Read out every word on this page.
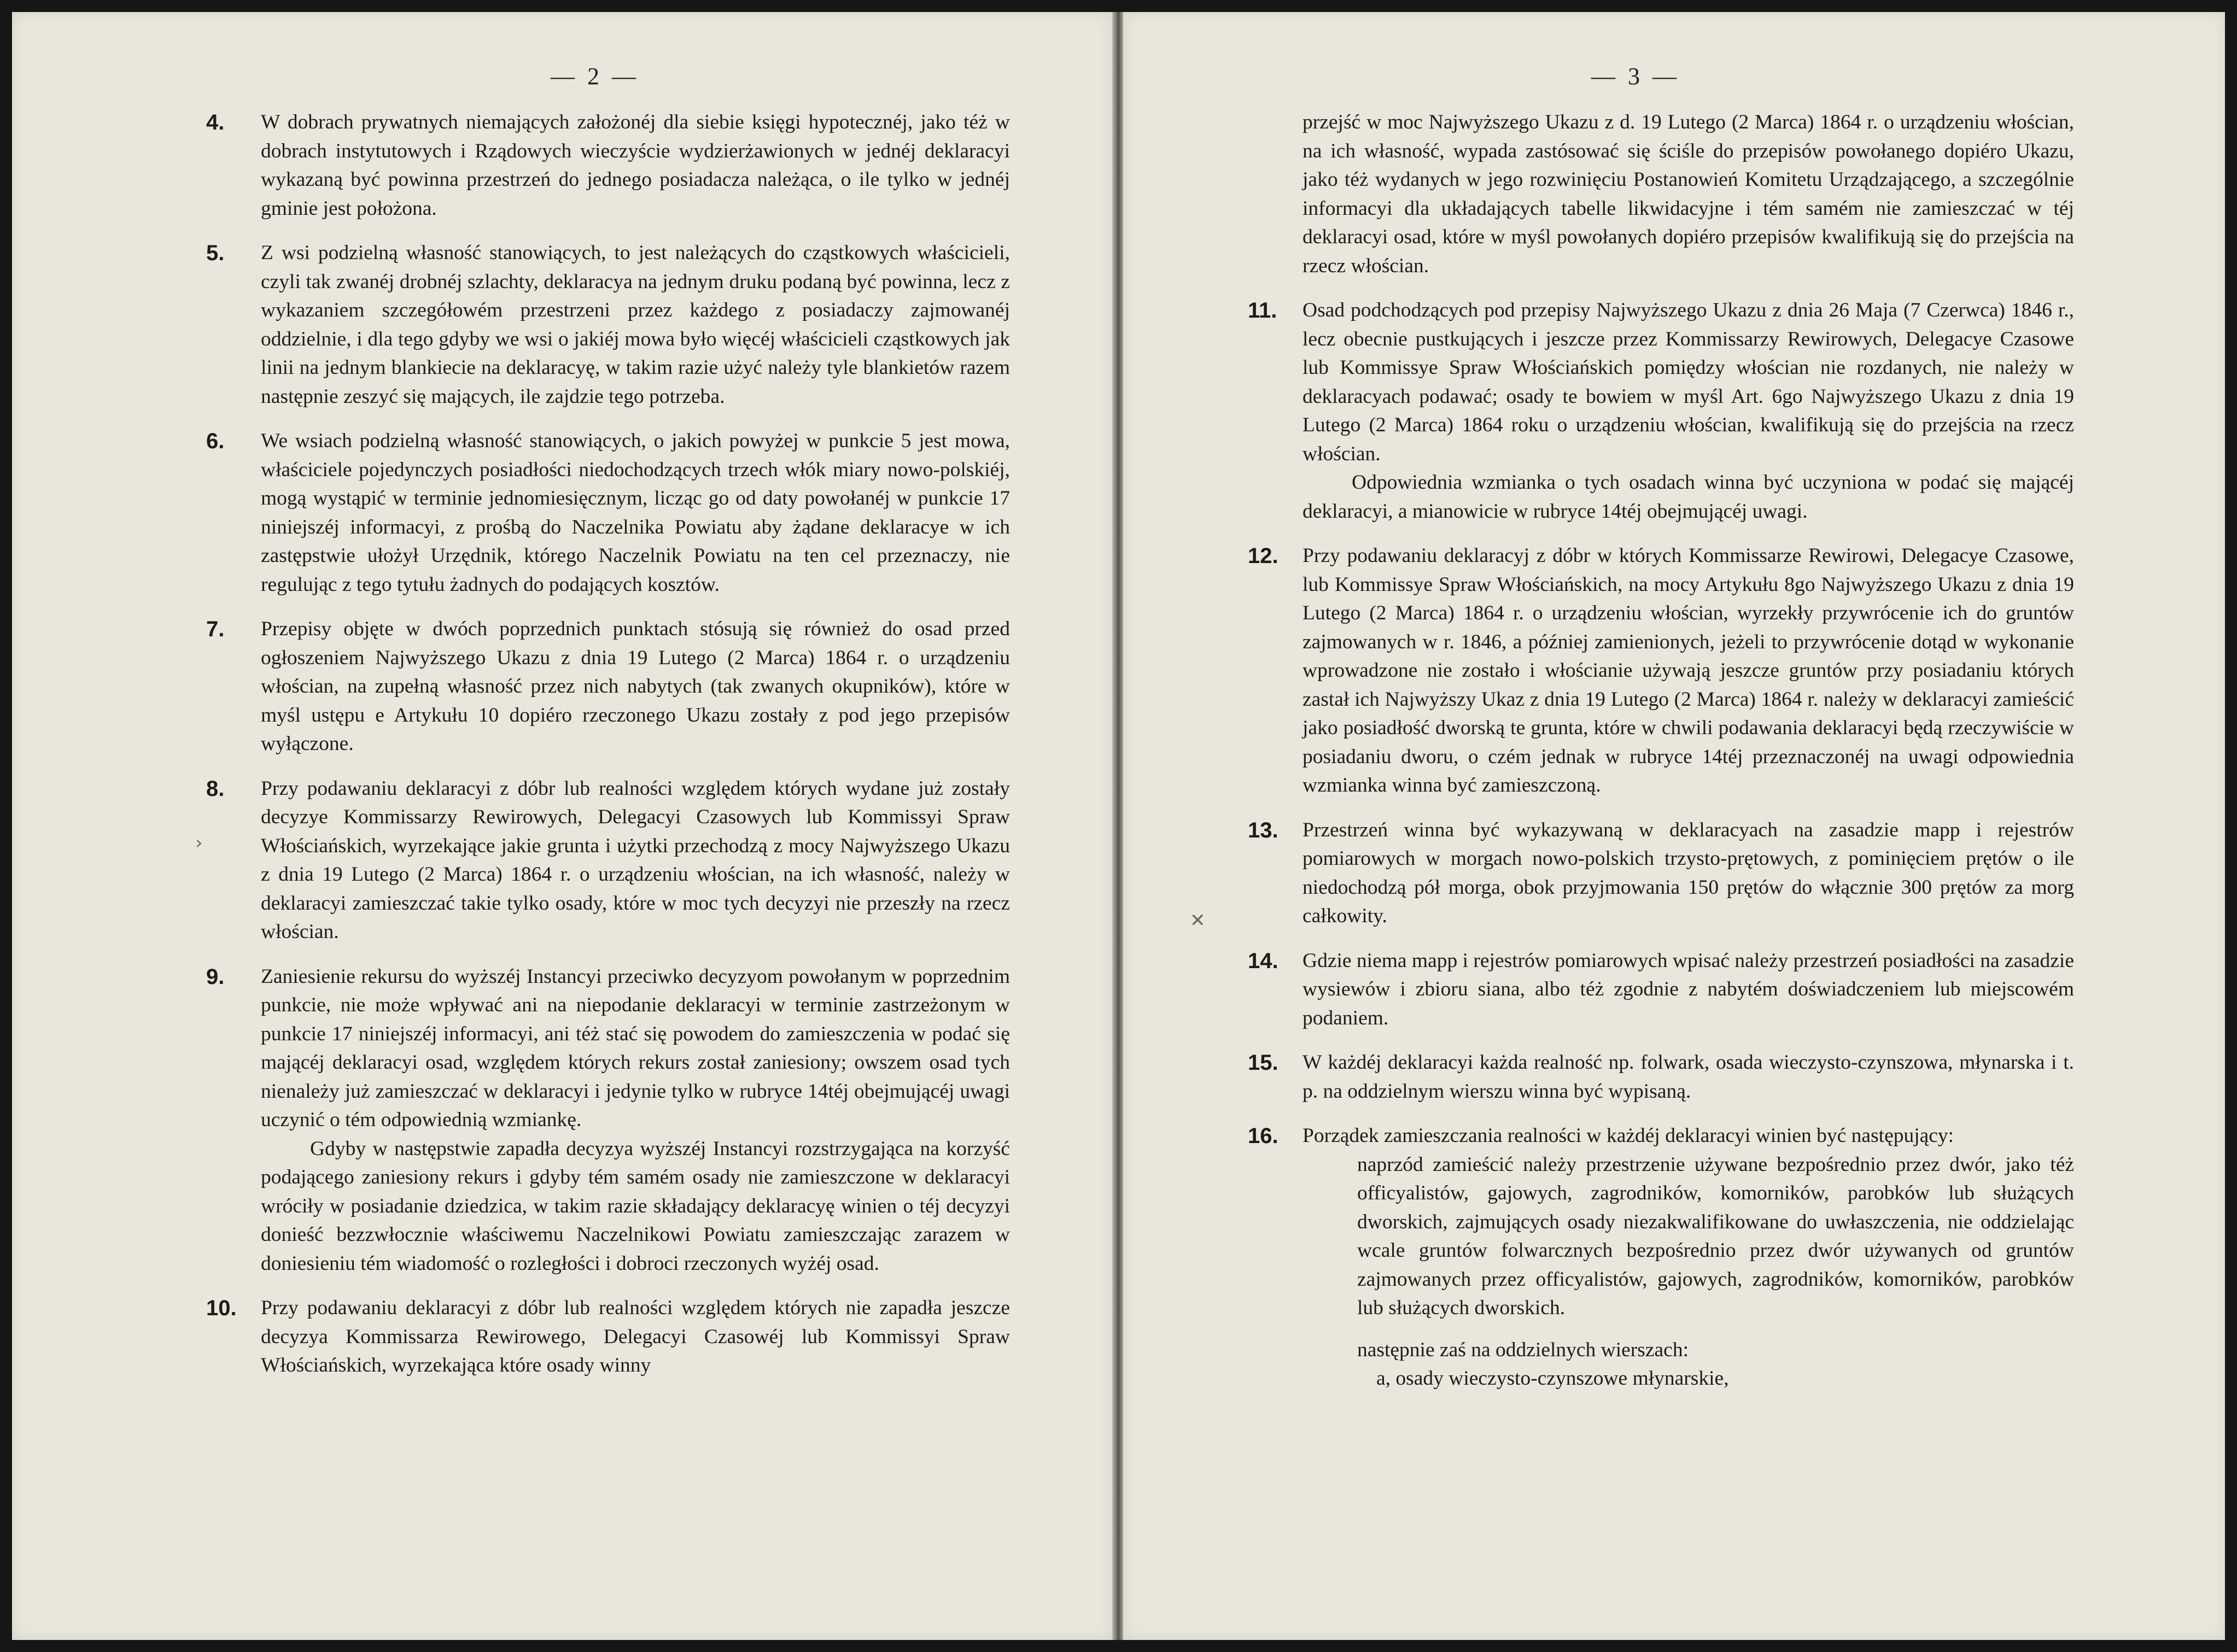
— 2 —
4. W dobrach prywatnych niemających założonéj dla siebie księgi hypotecznéj, jako téż w dobrach instytutowych i Rządowych wieczyście wydzierżawionych w jednéj deklaracyi wykazaną być powinna przestrzeń do jednego posiadacza należąca, o ile tylko w jednéj gminie jest położona.
5. Z wsi podzielną własność stanowiących, to jest należących do cząstkowych właścicieli, czyli tak zwanéj drobnéj szlachty, deklaracya na jednym druku podaną być powinna, lecz z wykazaniem szczegółowém przestrzeni przez każdego z posiadaczy zajmowanéj oddzielnie, i dla tego gdyby we wsi o jakiéj mowa było więcéj właścicieli cząstkowych jak linii na jednym blankiecie na deklaracyę, w takim razie użyć należy tyle blankietów razem następnie zeszyć się mających, ile zajdzie tego potrzeba.
6. We wsiach podzielną własność stanowiących, o jakich powyżej w punkcie 5 jest mowa, właściciele pojedynczych posiadłości niedochodzących trzech włók miary nowo-polskiéj, mogą wystąpić w terminie jednomiesięcznym, licząc go od daty powołanéj w punkcie 17 niniejszéj informacyi, z prośbą do Naczelnika Powiatu aby żądane deklaracye w ich zastępstwie ułożył Urzędnik, którego Naczelnik Powiatu na ten cel przeznaczy, nie regulując z tego tytułu żadnych do podających kosztów.
7. Przepisy objęte w dwóch poprzednich punktach stósują się również do osad przed ogłoszeniem Najwyższego Ukazu z dnia 19 Lutego (2 Marca) 1864 r. o urządzeniu włościan, na zupełną własność przez nich nabytych (tak zwanych okupników), które w myśl ustępu e Artykułu 10 dopiéro rzeczonego Ukazu zostały z pod jego przepisów wyłączone.
8. Przy podawaniu deklaracyi z dóbr lub realności względem których wydane już zostały decyzye Kommissarzy Rewirowych, Delegacyi Czasowych lub Kommissyi Spraw Włościańskich, wyrzekające jakie grunta i użytki przechodzą z mocy Najwyższego Ukazu z dnia 19 Lutego (2 Marca) 1864 r. o urządzeniu włościan, na ich własność, należy w deklaracyi zamieszczać takie tylko osady, które w moc tych decyzyi nie przeszły na rzecz włościan.
9. Zaniesienie rekursu do wyższéj Instancyi przeciwko decyzyom powołanym w poprzednim punkcie, nie może wpływać ani na niepodanie deklaracyi w terminie zastrzeżonym w punkcie 17 niniejszéj informacyi, ani téż stać się powodem do zamieszczenia w podać się mającéj deklaracyi osad, względem których rekurs został zaniesiony; owszem osad tych nienależy już zamieszczać w deklaracyi i jedynie tylko w rubryce 14téj obejmującéj uwagi uczynić o tém odpowiednią wzmiankę.
Gdyby w następstwie zapadła decyzya wyższéj Instancyi rozstrzygająca na korzyść podającego zaniesiony rekurs i gdyby tém samém osady nie zamieszczone w deklaracyi wróciły w posiadanie dziedzica, w takim razie składający deklaracyę winien o téj decyzyi donieść bezzwłocznie właściwemu Naczelnikowi Powiatu zamieszczając zarazem w doniesieniu tém wiadomość o rozległości i dobroci rzeczonych wyżéj osad.
10. Przy podawaniu deklaracyi z dóbr lub realności względem których nie zapadła jeszcze decyzya Kommissarza Rewirowego, Delegacyi Czasowéj lub Kommissyi Spraw Włościańskich, wyrzekająca które osady winny
›
— 3 —
przejść w moc Najwyższego Ukazu z d. 19 Lutego (2 Marca) 1864 r. o urządzeniu włościan, na ich własność, wypada zastósować się ściśle do przepisów powołanego dopiéro Ukazu, jako téż wydanych w jego rozwinięciu Postanowień Komitetu Urządzającego, a szczególnie informacyi dla układających tabelle likwidacyjne i tém samém nie zamieszczać w téj deklaracyi osad, które w myśl powołanych dopiéro przepisów kwalifikują się do przejścia na rzecz włościan.
11. Osad podchodzących pod przepisy Najwyższego Ukazu z dnia 26 Maja (7 Czerwca) 1846 r., lecz obecnie pustkujących i jeszcze przez Kommissarzy Rewirowych, Delegacye Czasowe lub Kommissye Spraw Włościańskich pomiędzy włościan nie rozdanych, nie należy w deklaracyach podawać; osady te bowiem w myśl Art. 6go Najwyższego Ukazu z dnia 19 Lutego (2 Marca) 1864 roku o urządzeniu włościan, kwalifikują się do przejścia na rzecz włościan.
Odpowiednia wzmianka o tych osadach winna być uczyniona w podać się mającéj deklaracyi, a mianowicie w rubryce 14téj obejmującéj uwagi.
12. Przy podawaniu deklaracyj z dóbr w których Kommissarze Rewirowi, Delegacye Czasowe, lub Kommissye Spraw Włościańskich, na mocy Artykułu 8go Najwyższego Ukazu z dnia 19 Lutego (2 Marca) 1864 r. o urządzeniu włościan, wyrzekły przywrócenie ich do gruntów zajmowanych w r. 1846, a później zamienionych, jeżeli to przywrócenie dotąd w wykonanie wprowadzone nie zostało i włościanie używają jeszcze gruntów przy posiadaniu których zastał ich Najwyższy Ukaz z dnia 19 Lutego (2 Marca) 1864 r. należy w deklaracyi zamieścić jako posiadłość dworską te grunta, które w chwili podawania deklaracyi będą rzeczywiście w posiadaniu dworu, o czém jednak w rubryce 14téj przeznaczonéj na uwagi odpowiednia wzmianka winna być zamieszczoną.
13. Przestrzeń winna być wykazywaną w deklaracyach na zasadzie mapp i rejestrów pomiarowych w morgach nowo-polskich trzysto-prętowych, z pominięciem prętów o ile niedochodzą pół morga, obok przyjmowania 150 prętów do włącznie 300 prętów za morg całkowity.
14. Gdzie niema mapp i rejestrów pomiarowych wpisać należy przestrzeń posiadłości na zasadzie wysiewów i zbioru siana, albo téż zgodnie z nabytém doświadczeniem lub miejscowém podaniem.
15. W każdéj deklaracyi każda realność np. folwark, osada wieczysto-czynszowa, młynarska i t. p. na oddzielnym wierszu winna być wypisaną.
16. Porządek zamieszczania realności w każdéj deklaracyi winien być następujący:
naprzód zamieścić należy przestrzenie używane bezpośrednio przez dwór, jako téż officyalistów, gajowych, zagrodników, komorników, parobków lub służących dworskich, zajmujących osady niezakwalifikowane do uwłaszczenia, nie oddzielając wcale gruntów folwarcznych bezpośrednio przez dwór używanych od gruntów zajmowanych przez officyalistów, gajowych, zagrodników, komorników, parobków lub służących dworskich.
następnie zaś na oddzielnych wierszach:
a, osady wieczysto-czynszowe młynarskie,
✕
